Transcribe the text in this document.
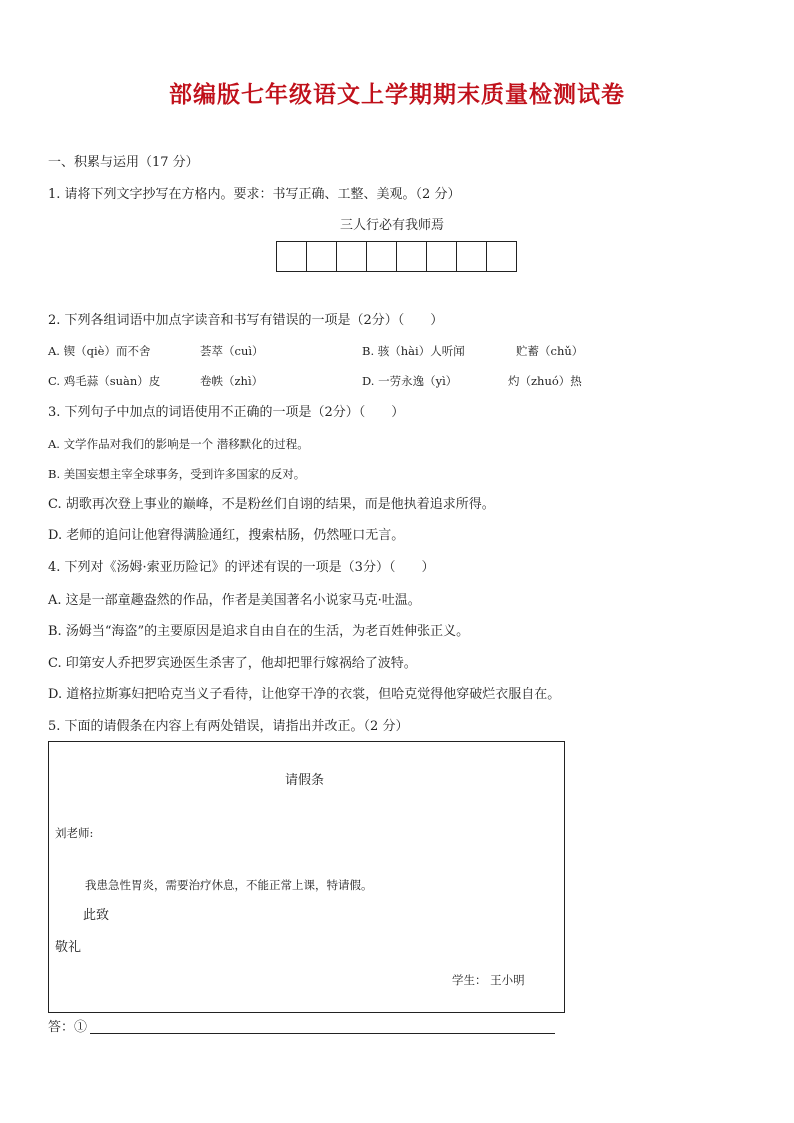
部编版七年级语文上学期期末质量检测试卷
一、积累与运用（17 分）
1. 请将下列文字抄写在方格内。要求：书写正确、工整、美观。（2 分）
三人行必有我师焉
2. 下列各组词语中加点字读音和书写有错误的一项是（2分）（　　）
A. 锲（qiè）而不舍	荟萃（cuì）	B. 骇（hài）人听闻	贮蓄（chǔ）
C. 鸡毛蒜（suàn）皮	卷帙（zhì）	D. 一劳永逸（yì）	灼（zhuó）热
3. 下列句子中加点的词语使用不正确的一项是（2分）（　　）
A. 文学作品对我们的影响是一个 潜移默化的过程。
B. 美国妄想主宰全球事务，受到许多国家的反对。
C. 胡歌再次登上事业的巅峰，不是粉丝们自诩的结果，而是他执着追求所得。
D. 老师的追问让他窘得满脸通红，搜索枯肠，仍然哑口无言。
4. 下列对《汤姆·索亚历险记》的评述有误的一项是（3分）（　　）
A. 这是一部童趣盎然的作品，作者是美国著名小说家马克·吐温。
B. 汤姆当“海盗”的主要原因是追求自由自在的生活，为老百姓伸张正义。
C. 印第安人乔把罗宾逊医生杀害了，他却把罪行嫁祸给了波特。
D. 道格拉斯寡妇把哈克当义子看待，让他穿干净的衣裳，但哈克觉得他穿破烂衣服自在。
5. 下面的请假条在内容上有两处错误，请指出并改正。（2 分）
请假条
刘老师:
我患急性胃炎，需要治疗休息，不能正常上课，特请假。
此致
敬礼
学生： 王小明
答：①
